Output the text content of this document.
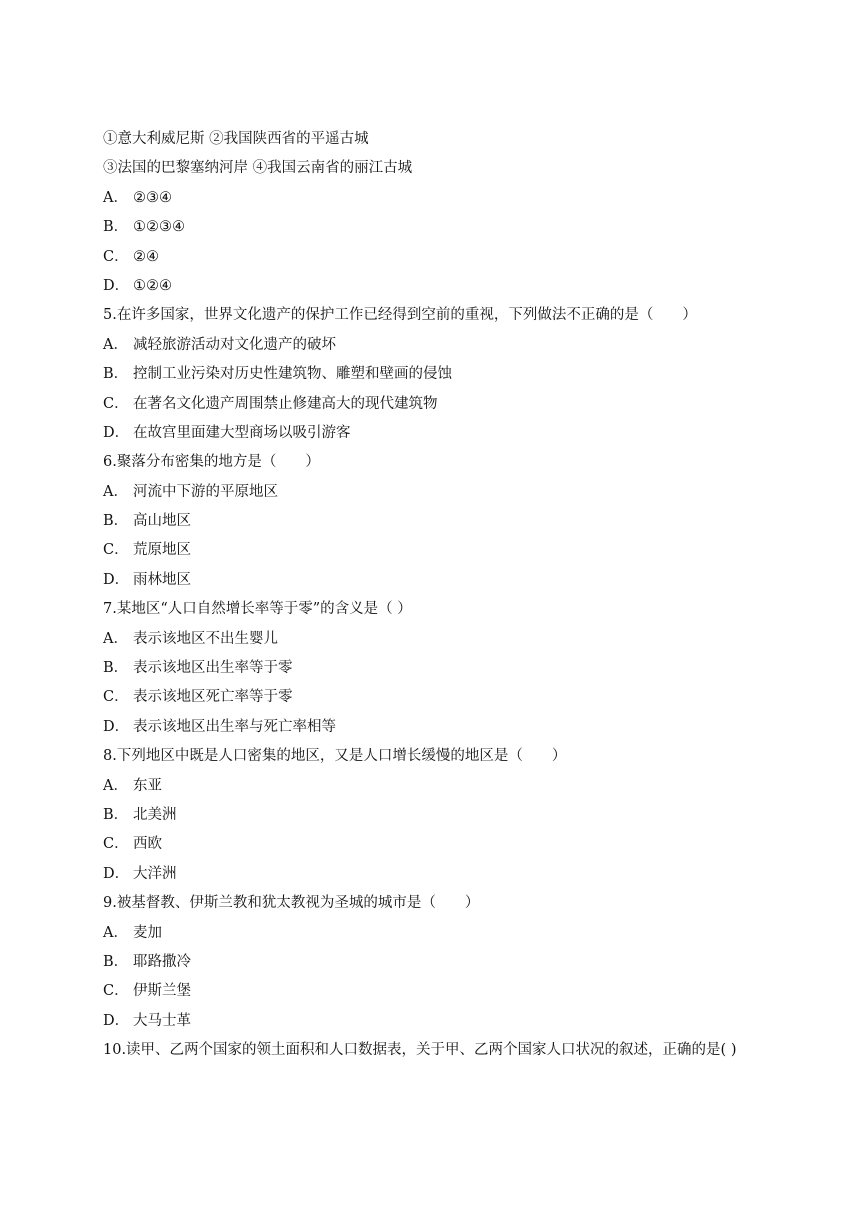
①意大利威尼斯 ②我国陕西省的平遥古城
③法国的巴黎塞纳河岸 ④我国云南省的丽江古城
A． ②③④
B． ①②③④
C． ②④
D． ①②④
5.在许多国家，世界文化遗产的保护工作已经得到空前的重视，下列做法不正确的是（　　）
A． 减轻旅游活动对文化遗产的破坏
B． 控制工业污染对历史性建筑物、雕塑和壁画的侵蚀
C． 在著名文化遗产周围禁止修建高大的现代建筑物
D． 在故宫里面建大型商场以吸引游客
6.聚落分布密集的地方是（　　）
A． 河流中下游的平原地区
B． 高山地区
C． 荒原地区
D． 雨林地区
7.某地区“人口自然增长率等于零”的含义是（ ）
A． 表示该地区不出生婴儿
B． 表示该地区出生率等于零
C． 表示该地区死亡率等于零
D． 表示该地区出生率与死亡率相等
8.下列地区中既是人口密集的地区，又是人口增长缓慢的地区是（　　）
A． 东亚
B． 北美洲
C． 西欧
D． 大洋洲
9.被基督教、伊斯兰教和犹太教视为圣城的城市是（　　）
A． 麦加
B． 耶路撒冷
C． 伊斯兰堡
D． 大马士革
10.读甲、乙两个国家的领土面积和人口数据表，关于甲、乙两个国家人口状况的叙述，正确的是( )
